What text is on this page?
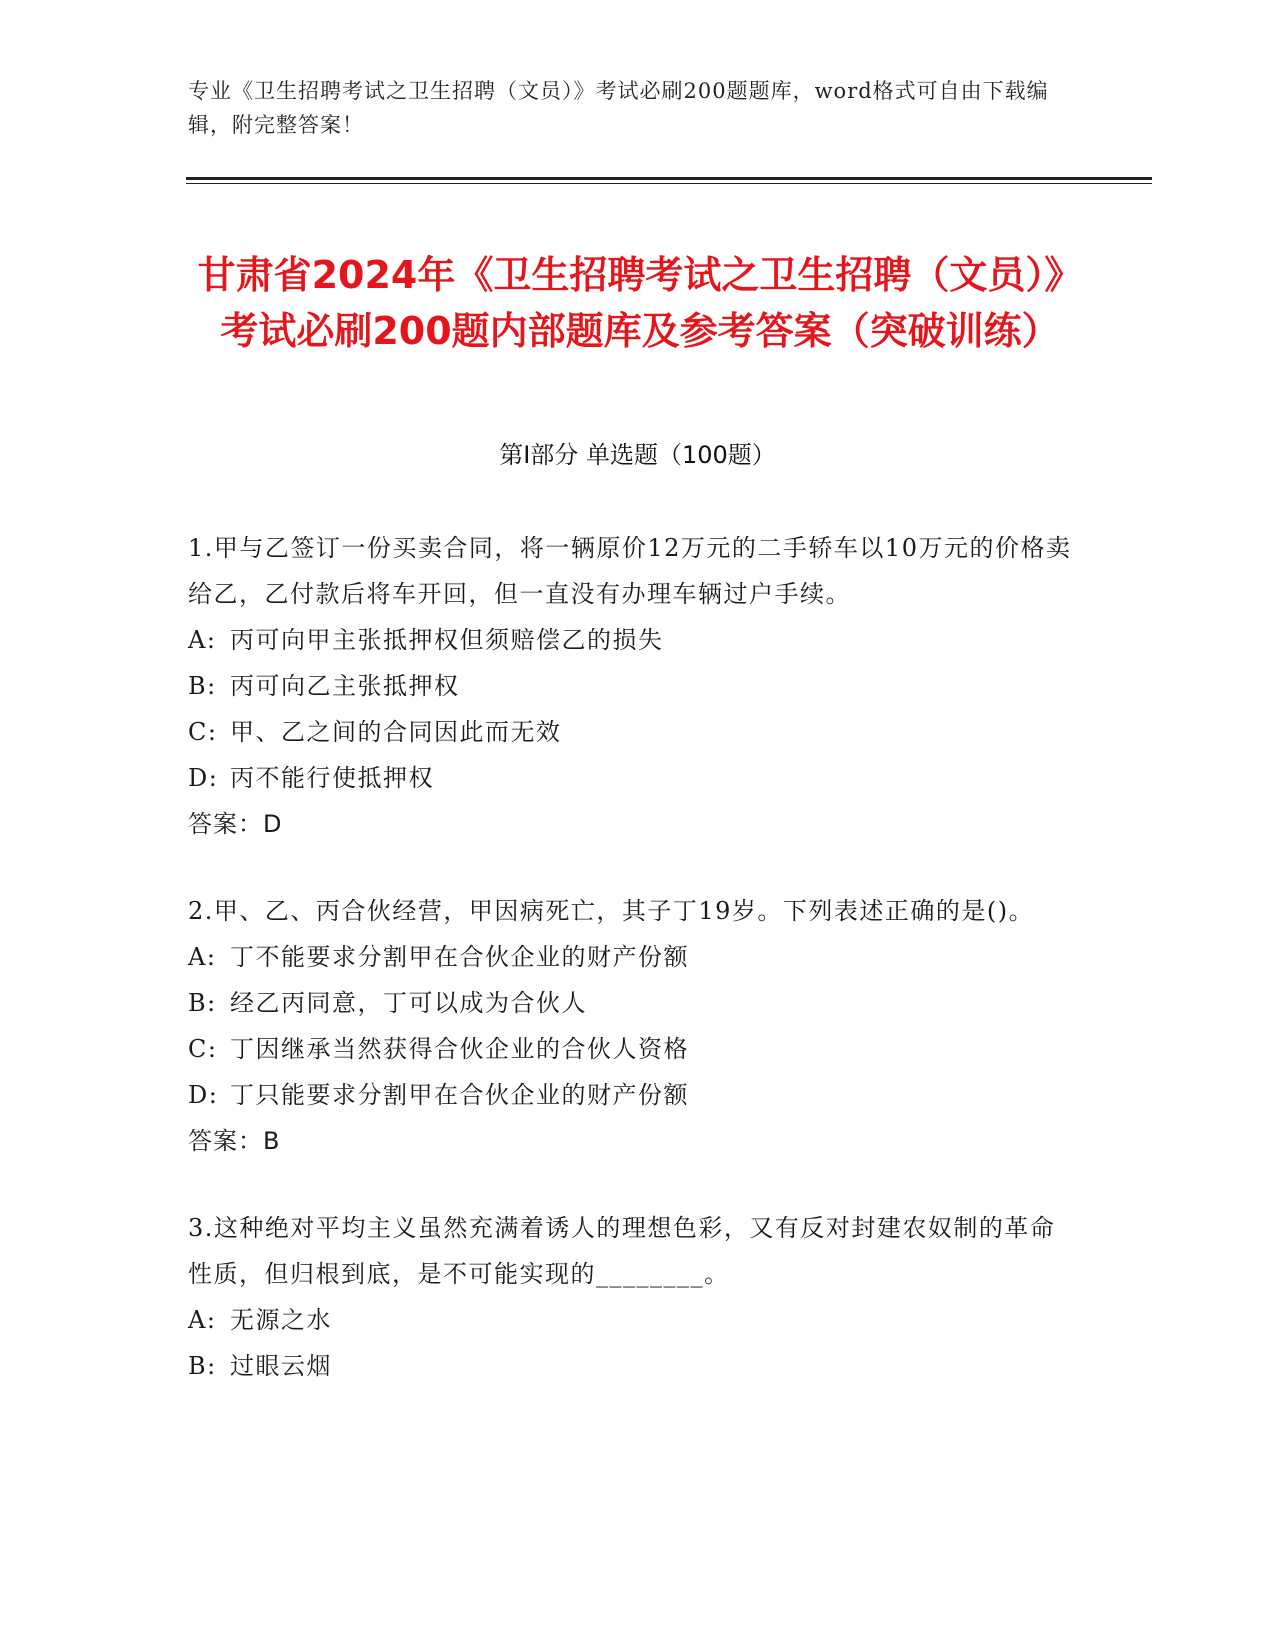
专业《卫生招聘考试之卫生招聘（文员）》考试必刷200题题库，word格式可自由下载编辑，附完整答案！
甘肃省2024年《卫生招聘考试之卫生招聘（文员）》考试必刷200题内部题库及参考答案（突破训练）
第Ⅰ部分 单选题（100题）

1.甲与乙签订一份买卖合同，将一辆原价12万元的二手轿车以10万元的价格卖给乙，乙付款后将车开回，但一直没有办理车辆过户手续。

A: 丙可向甲主张抵押权但须赔偿乙的损失
B: 丙可向乙主张抵押权
C: 甲、乙之间的合同因此而无效
D: 丙不能行使抵押权
答案：D

2.甲、乙、丙合伙经营，甲因病死亡，其子丁19岁。下列表述正确的是()。

A: 丁不能要求分割甲在合伙企业的财产份额
B: 经乙丙同意，丁可以成为合伙人
C: 丁因继承当然获得合伙企业的合伙人资格
D: 丁只能要求分割甲在合伙企业的财产份额
答案：B

3.这种绝对平均主义虽然充满着诱人的理想色彩，又有反对封建农奴制的革命性质，但归根到底，是不可能实现的________。

A: 无源之水
B: 过眼云烟
